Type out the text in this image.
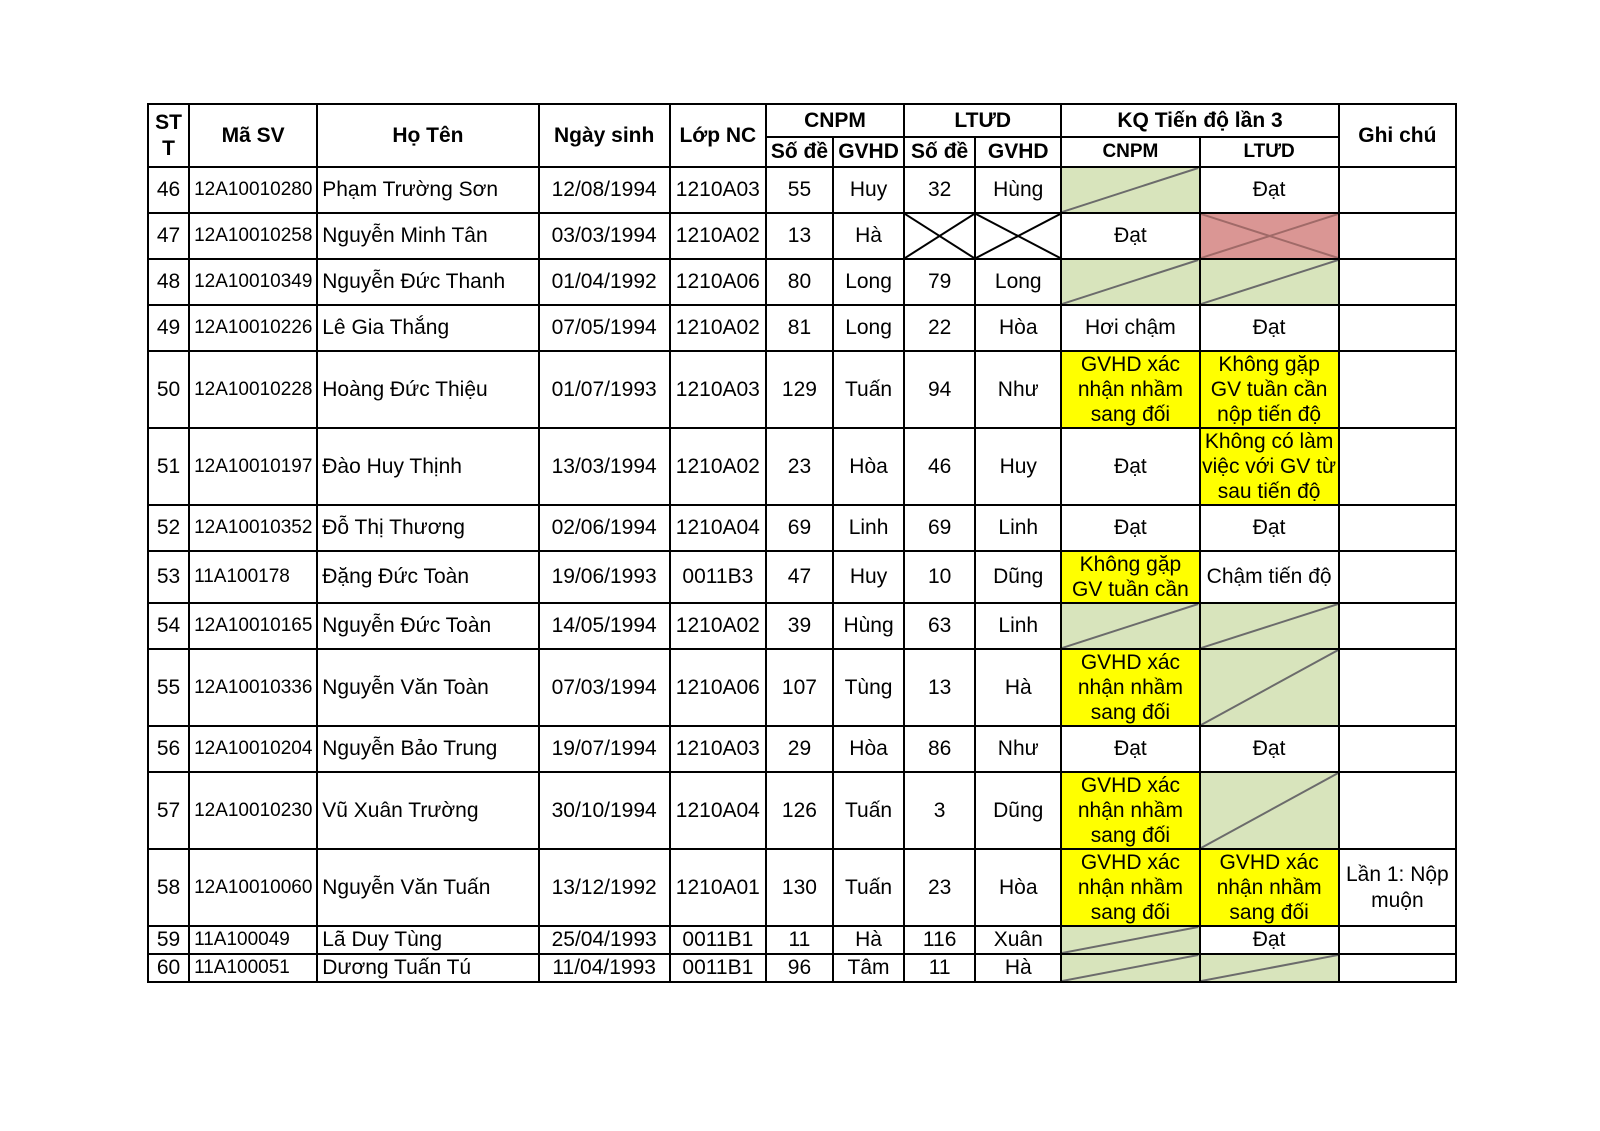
ST
T	Mã SV	Họ Tên	Ngày sinh	Lớp NC	CNPM		LTƯD		KQ Tiến độ lần 3		Ghi chú
					Số đề	GVHD	Số đề	GVHD	CNPM	LTƯD	
46	12A10010280	Phạm Trường Sơn	12/08/1994	1210A03	55	Huy	32	Hùng		Đạt	
47	12A10010258	Nguyễn Minh Tân	03/03/1994	1210A02	13	Hà			Đạt	

48	12A10010349	Nguyễn Đức Thanh	01/04/1992	1210A06	80	Long	79	Long	

49	12A10010226	Lê Gia Thắng	07/05/1994	1210A02	81	Long	22	Hòa	Hơi chậm	Đạt	
50	12A10010228	Hoàng Đức Thiệu	01/07/1993	1210A03	129	Tuấn	94	Như	GVHD xác nhận nhầm sang đối	Không gặp GV tuần cần nộp tiến độ	
51	12A10010197	Đào Huy Thịnh	13/03/1994	1210A02	23	Hòa	46	Huy	Đạt	Không có làm việc với GV từ sau tiến độ	
52	12A10010352	Đỗ Thị Thương	02/06/1994	1210A04	69	Linh	69	Linh	Đạt	Đạt	
53	11A100178	Đặng Đức Toàn	19/06/1993	0011B3	47	Huy	10	Dũng	Không gặp GV tuần cần	Chậm tiến độ	
54	12A10010165	Nguyễn Đức Toàn	14/05/1994	1210A02	39	Hùng	63	Linh	

55	12A10010336	Nguyễn Văn Toàn	07/03/1994	1210A06	107	Tùng	13	Hà	GVHD xác nhận nhầm sang đối	

56	12A10010204	Nguyễn Bảo Trung	19/07/1994	1210A03	29	Hòa	86	Như	Đạt	Đạt	
57	12A10010230	Vũ Xuân Trường	30/10/1994	1210A04	126	Tuấn	3	Dũng	GVHD xác nhận nhầm sang đối	

58	12A10010060	Nguyễn Văn Tuấn	13/12/1992	1210A01	130	Tuấn	23	Hòa	GVHD xác nhận nhầm sang đối	GVHD xác nhận nhầm sang đối	Lần 1: Nộp muộn
59	11A100049	Lã Duy Tùng	25/04/1993	0011B1	11	Hà	116	Xuân		Đạt	
60	11A100051	Dương Tuấn Tú	11/04/1993	0011B1	96	Tâm	11	Hà	
